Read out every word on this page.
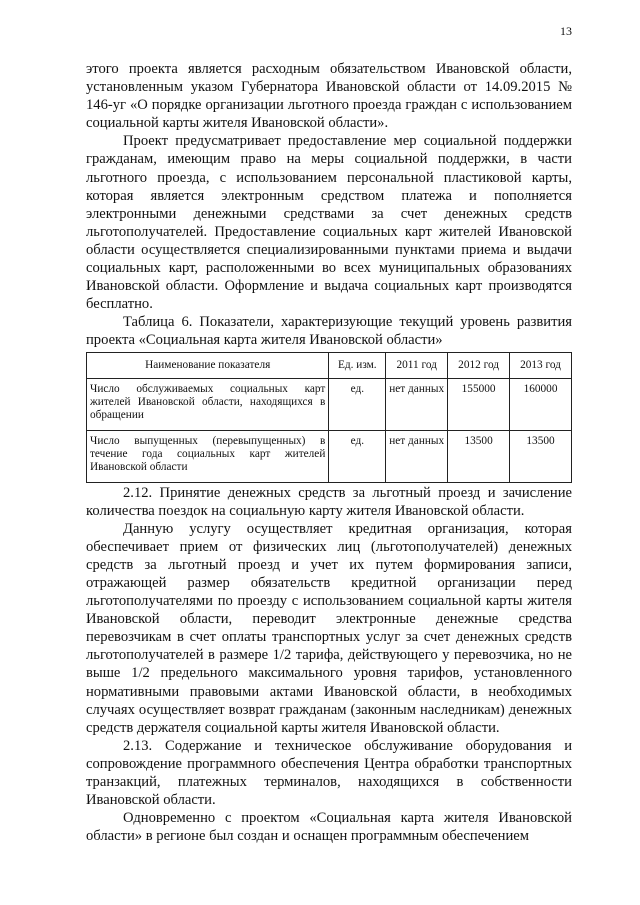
13

этого проекта является расходным обязательством Ивановской области, установленным указом Губернатора Ивановской области от 14.09.2015 № 146-уг «О порядке организации льготного проезда граждан с использованием социальной карты жителя Ивановской области».

Проект предусматривает предоставление мер социальной поддержки гражданам, имеющим право на меры социальной поддержки, в части льготного проезда, с использованием персональной пластиковой карты, которая является электронным средством платежа и пополняется электронными денежными средствами за счет денежных средств льготополучателей. Предоставление социальных карт жителей Ивановской области осуществляется специализированными пунктами приема и выдачи социальных карт, расположенными во всех муниципальных образованиях Ивановской области. Оформление и выдача социальных карт производятся бесплатно.

Таблица 6. Показатели, характеризующие текущий уровень развития проекта «Социальная карта жителя Ивановской области»

Наименование показателя	Ед. изм.	2011 год	2012 год	2013 год
Число обслуживаемых социальных карт жителей Ивановской области, находящихся в обращении	ед.	нет данных	155000	160000
Число выпущенных (перевыпущенных) в течение года социальных карт жителей Ивановской области	ед.	нет данных	13500	13500

2.12. Принятие денежных средств за льготный проезд и зачисление количества поездок на социальную карту жителя Ивановской области.

Данную услугу осуществляет кредитная организация, которая обеспечивает прием от физических лиц (льготополучателей) денежных средств за льготный проезд и учет их путем формирования записи, отражающей размер обязательств кредитной организации перед льготополучателями по проезду с использованием социальной карты жителя Ивановской области, переводит электронные денежные средства перевозчикам в счет оплаты транспортных услуг за счет денежных средств льготополучателей в размере 1/2 тарифа, действующего у перевозчика, но не выше 1/2 предельного максимального уровня тарифов, установленного нормативными правовыми актами Ивановской области, в необходимых случаях осуществляет возврат гражданам (законным наследникам) денежных средств держателя социальной карты жителя Ивановской области.

2.13. Содержание и техническое обслуживание оборудования и сопровождение программного обеспечения Центра обработки транспортных транзакций, платежных терминалов, находящихся в собственности Ивановской области.

Одновременно с проектом «Социальная карта жителя Ивановской области» в регионе был создан и оснащен программным обеспечением
